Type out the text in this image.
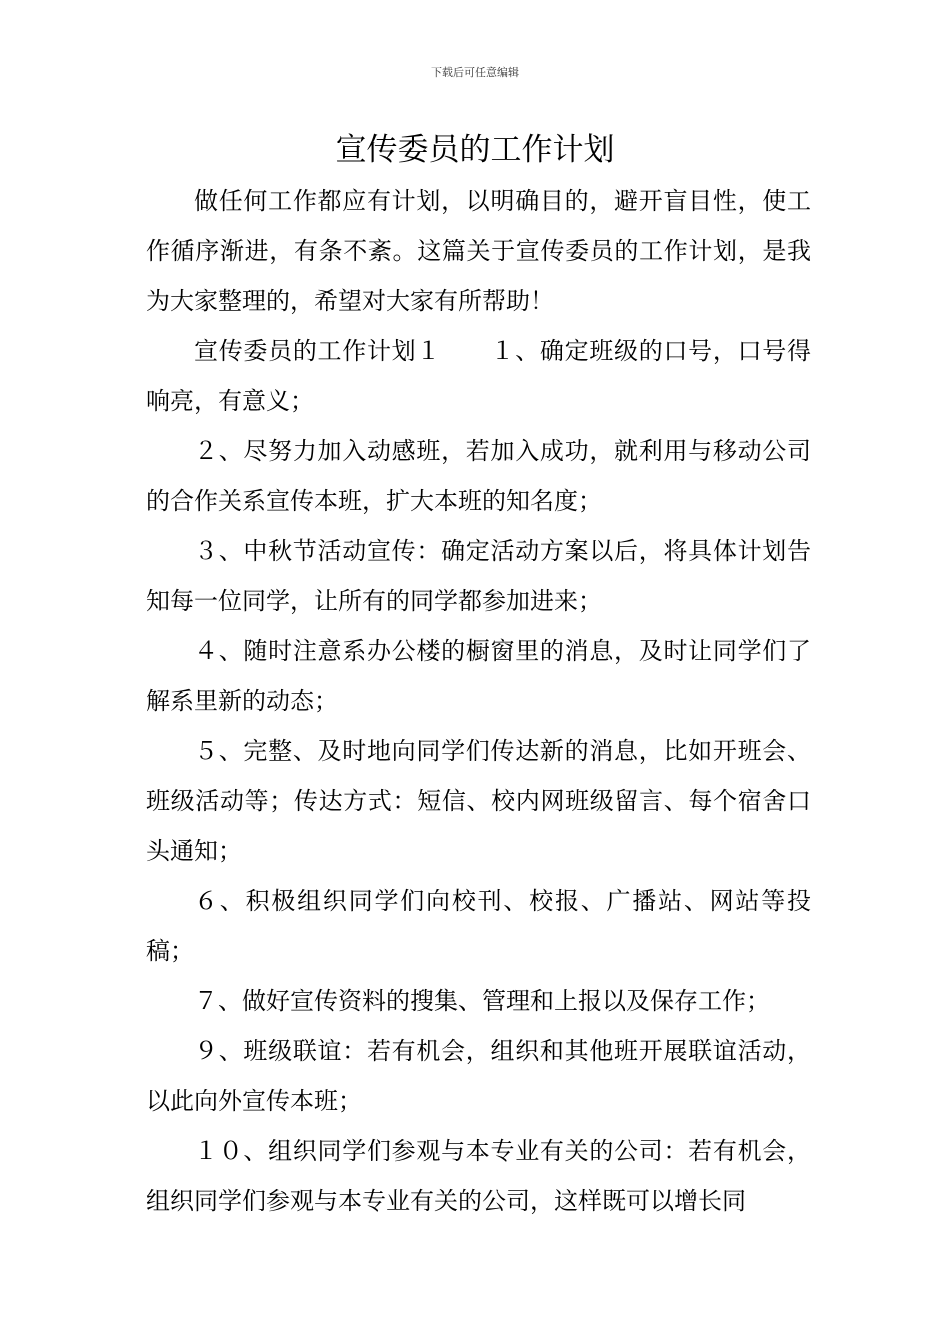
下载后可任意编辑
宣传委员的工作计划

做任何工作都应有计划，以明确目的，避开盲目性，使工作循序渐进，有条不紊。这篇关于宣传委员的工作计划，是我为大家整理的，希望对大家有所帮助！

宣传委员的工作计划１　　１、确定班级的口号，口号得响亮，有意义；

２、尽努力加入动感班，若加入成功，就利用与移动公司的合作关系宣传本班，扩大本班的知名度；

３、中秋节活动宣传：确定活动方案以后，将具体计划告知每一位同学，让所有的同学都参加进来；

４、随时注意系办公楼的橱窗里的消息，及时让同学们了解系里新的动态；

５、完整、及时地向同学们传达新的消息，比如开班会、班级活动等；传达方式：短信、校内网班级留言、每个宿舍口头通知；

６、积极组织同学们向校刊、校报、广播站、网站等投稿；

７、做好宣传资料的搜集、管理和上报以及保存工作；

９、班级联谊：若有机会，组织和其他班开展联谊活动，以此向外宣传本班；

１０、组织同学们参观与本专业有关的公司：若有机会，组织同学们参观与本专业有关的公司，这样既可以增长同
